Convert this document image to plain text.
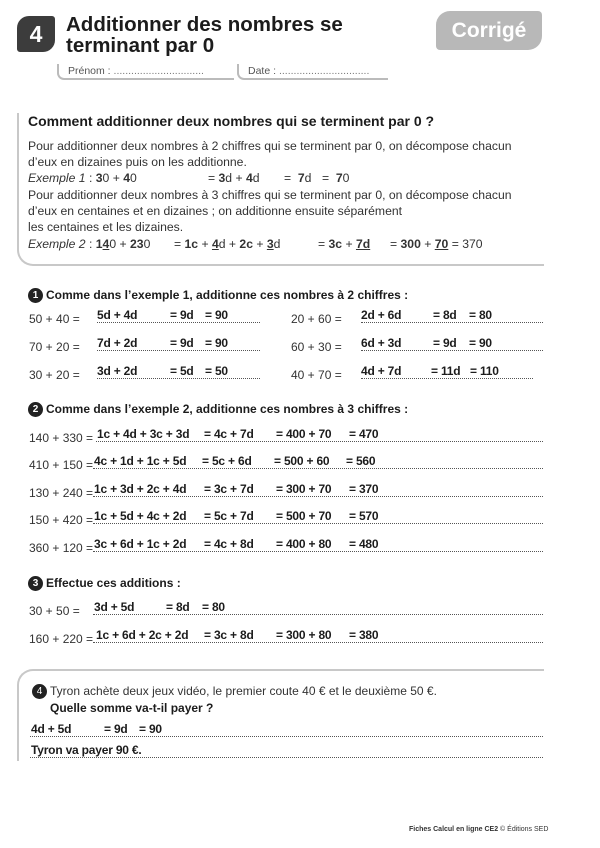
4 Additionner des nombres se terminant par 0
Corrigé
Prénom : ...............................	Date : ...............................
Comment additionner deux nombres qui se terminent par 0 ?
Pour additionner deux nombres à 2 chiffres qui se terminent par 0, on décompose chacun
d’eux en dizaines puis on les additionne.
Exemple 1 : 30 + 40	= 3d + 4d =  7d =  70
Pour additionner deux nombres à 3 chiffres qui se terminent par 0, on décompose chacun
d’eux en centaines et en dizaines ; on additionne ensuite séparément
les centaines et les dizaines.
Exemple 2 : 140 + 230 = 1c + 4d + 2c + 3d	= 3c + 7d = 300 + 70 = 370
1 Comme dans l’exemple 1, additionne ces nombres à 2 chiffres :
50 + 40 = 5d + 4d	= 9d = 90
70 + 20 = 7d + 2d	= 9d = 90
30 + 20 = 3d + 2d	= 5d = 50
20 + 60 = 2d + 6d	= 8d = 80
60 + 30 = 6d + 3d	= 9d = 90
40 + 70 = 4d + 7d = 11d = 110
2 Comme dans l’exemple 2, additionne ces nombres à 3 chiffres :
140 + 330 = 1c + 4d + 3c + 3d = 4c + 7d = 400 + 70 = 470
410 + 150 = 4c + 1d + 1c + 5d = 5c + 6d = 500 + 60 = 560
130 + 240 = 1c + 3d + 2c + 4d = 3c + 7d = 300 + 70 = 370
150 + 420 = 1c + 5d + 4c + 2d = 5c + 7d = 500 + 70 = 570
360 + 120 = 3c + 6d + 1c + 2d = 4c + 8d = 400 + 80 = 480
3 Effectue ces additions :
30 + 50 = 3d + 5d	= 8d = 80
160 + 220 = 1c + 6d + 2c + 2d = 3c + 8d = 300 + 80 = 380
4 Tyron achète deux jeux vidéo, le premier coute 40 € et le deuxième 50 €.
Quelle somme va-t-il payer ?
4d + 5d	= 9d = 90
Tyron va payer 90 €.
Fiches Calcul en ligne CE2 © Éditions SED
